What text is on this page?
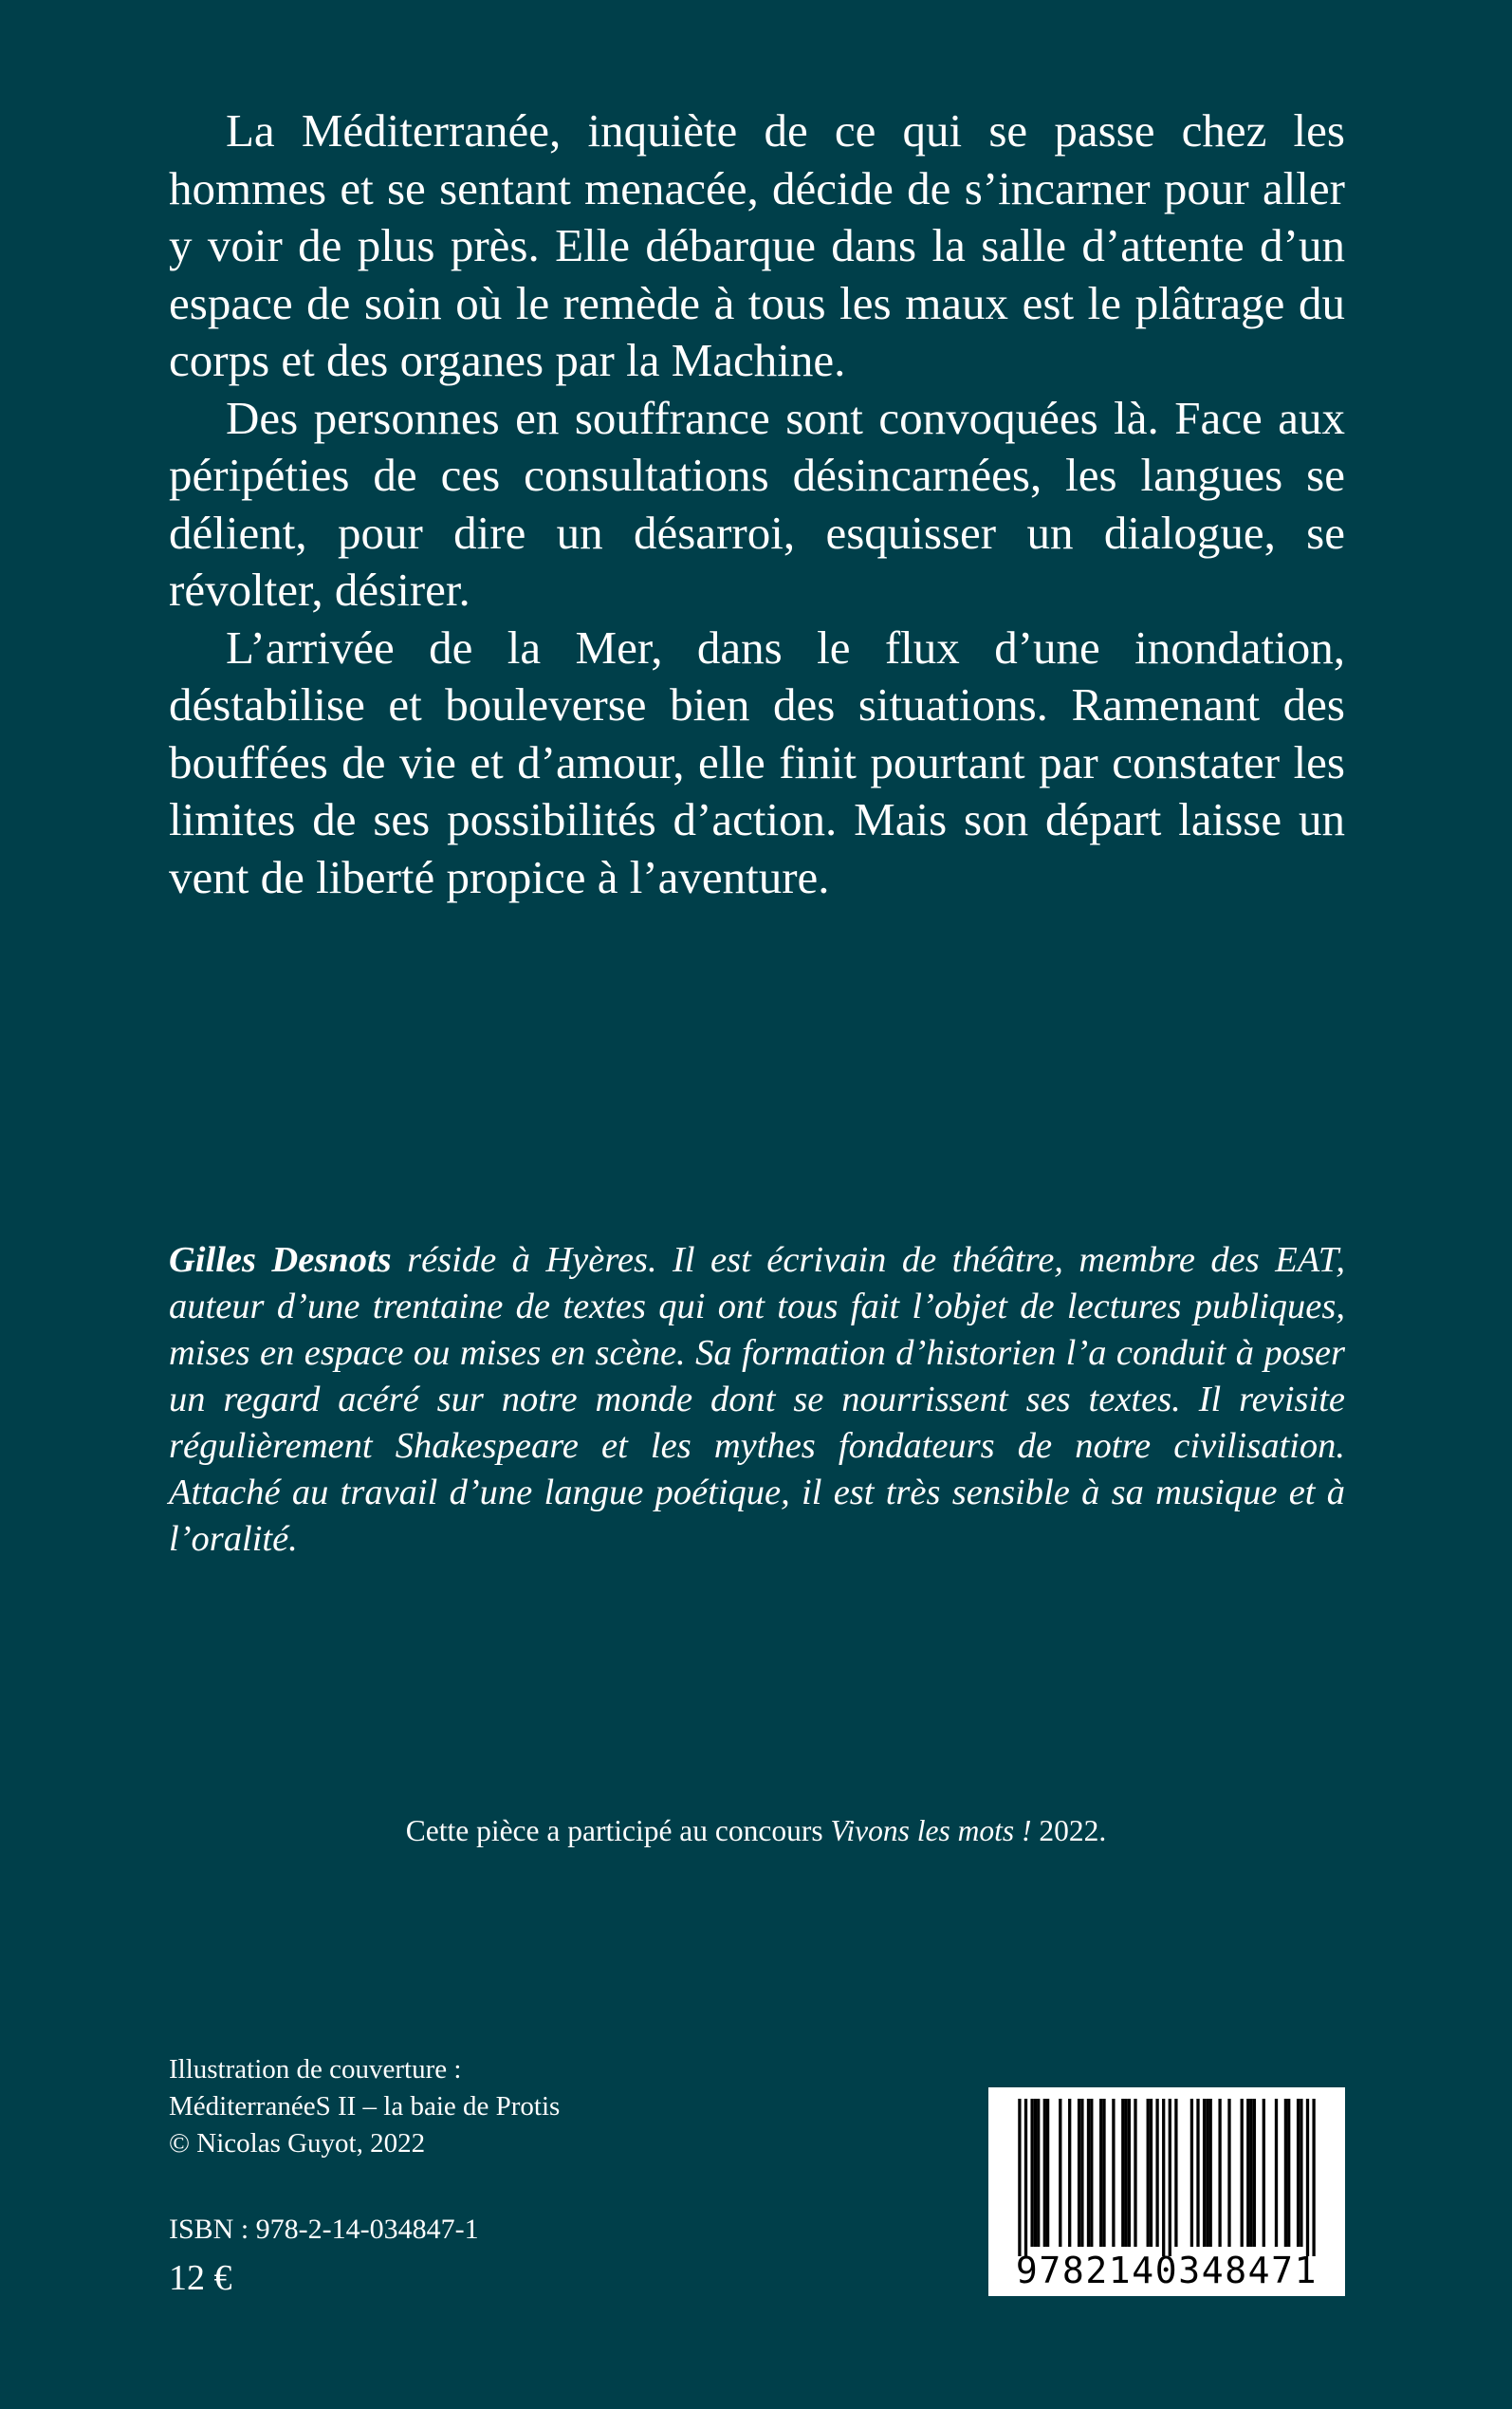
La Méditerranée, inquiète de ce qui se passe chez les hommes et se sentant menacée, décide de s’incarner pour aller y voir de plus près. Elle débarque dans la salle d’attente d’un espace de soin où le remède à tous les maux est le plâtrage du corps et des organes par la Machine.

Des personnes en souffrance sont convoquées là. Face aux péripéties de ces consultations désincarnées, les langues se délient, pour dire un désarroi, esquisser un dialogue, se révolter, désirer.

L’arrivée de la Mer, dans le flux d’une inondation, déstabilise et bouleverse bien des situations. Ramenant des bouffées de vie et d’amour, elle finit pourtant par constater les limites de ses possibilités d’action. Mais son départ laisse un vent de liberté propice à l’aventure.

Gilles Desnots réside à Hyères. Il est écrivain de théâtre, membre des EAT, auteur d’une trentaine de textes qui ont tous fait l’objet de lectures publiques, mises en espace ou mises en scène. Sa formation d’historien l’a conduit à poser un regard acéré sur notre monde dont se nourrissent ses textes. Il revisite régulièrement Shakespeare et les mythes fondateurs de notre civilisation. Attaché au travail d’une langue poétique, il est très sensible à sa musique et à l’oralité.
Cette pièce a participé au concours Vivons les mots ! 2022.
Illustration de couverture :
MéditerranéeS II – la baie de Protis
© Nicolas Guyot, 2022
ISBN : 978-2-14-034847-1
12 €	9782140348471
